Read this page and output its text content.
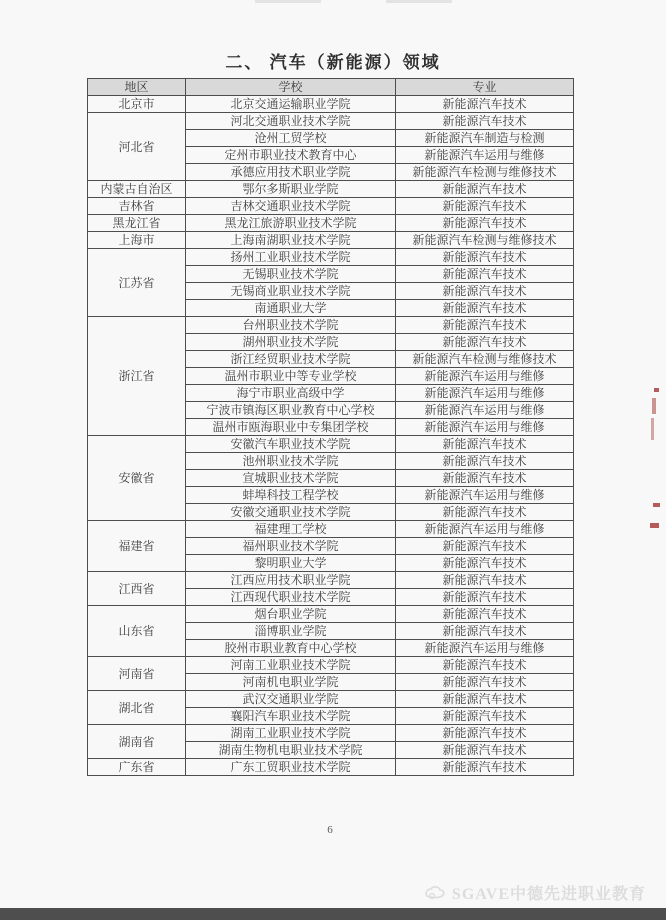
二、 汽车（新能源）领域
地区	学校	专业
北京市	北京交通运输职业学院	新能源汽车技术
河北省	河北交通职业技术学院	新能源汽车技术
	沧州工贸学校	新能源汽车制造与检测
	定州市职业技术教育中心	新能源汽车运用与维修
	承德应用技术职业学院	新能源汽车检测与维修技术
内蒙古自治区	鄂尔多斯职业学院	新能源汽车技术
吉林省	吉林交通职业技术学院	新能源汽车技术
黑龙江省	黑龙江旅游职业技术学院	新能源汽车技术
上海市	上海南湖职业技术学院	新能源汽车检测与维修技术
江苏省	扬州工业职业技术学院	新能源汽车技术
	无锡职业技术学院	新能源汽车技术
	无锡商业职业技术学院	新能源汽车技术
	南通职业大学	新能源汽车技术
浙江省	台州职业技术学院	新能源汽车技术
	湖州职业技术学院	新能源汽车技术
	浙江经贸职业技术学院	新能源汽车检测与维修技术
	温州市职业中等专业学校	新能源汽车运用与维修
	海宁市职业高级中学	新能源汽车运用与维修
	宁波市镇海区职业教育中心学校	新能源汽车运用与维修
	温州市瓯海职业中专集团学校	新能源汽车运用与维修
安徽省	安徽汽车职业技术学院	新能源汽车技术
	池州职业技术学院	新能源汽车技术
	宣城职业技术学院	新能源汽车技术
	蚌埠科技工程学校	新能源汽车运用与维修
	安徽交通职业技术学院	新能源汽车技术
福建省	福建理工学校	新能源汽车运用与维修
	福州职业技术学院	新能源汽车技术
	黎明职业大学	新能源汽车技术
江西省	江西应用技术职业学院	新能源汽车技术
	江西现代职业技术学院	新能源汽车技术
山东省	烟台职业学院	新能源汽车技术
	淄博职业学院	新能源汽车技术
	胶州市职业教育中心学校	新能源汽车运用与维修
河南省	河南工业职业技术学院	新能源汽车技术
	河南机电职业学院	新能源汽车技术
湖北省	武汉交通职业学院	新能源汽车技术
	襄阳汽车职业技术学院	新能源汽车技术
湖南省	湖南工业职业技术学院	新能源汽车技术
	湖南生物机电职业技术学院	新能源汽车技术
广东省	广东工贸职业技术学院	新能源汽车技术
6
SGAVE中德先进职业教育
